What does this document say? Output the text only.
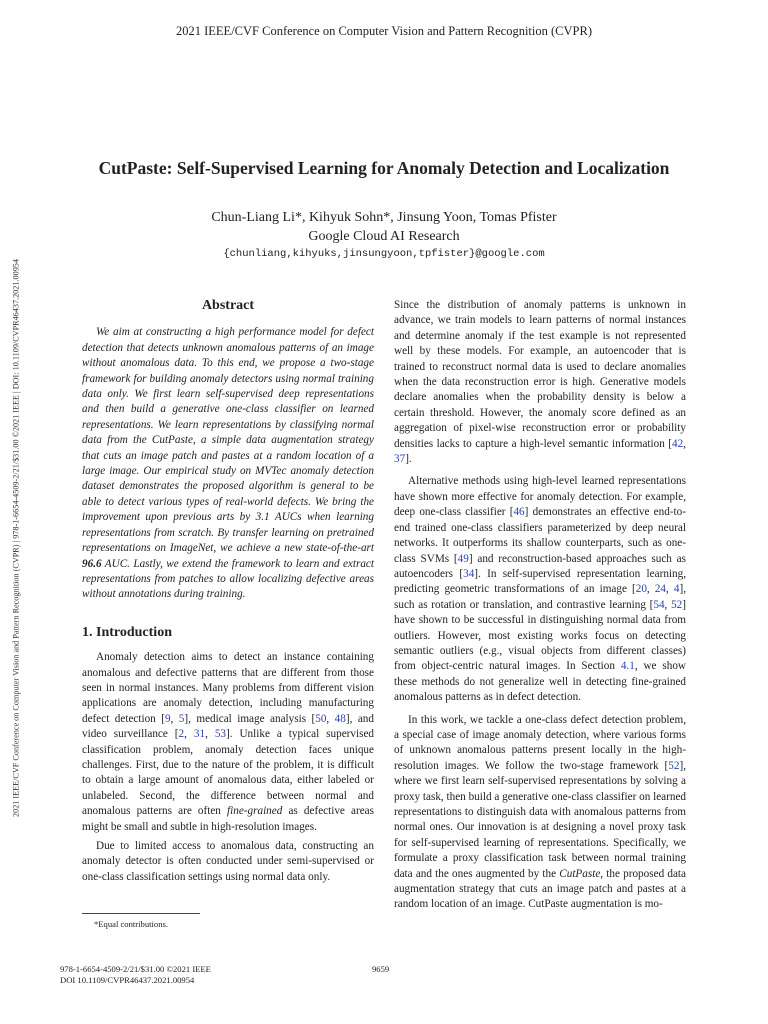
2021 IEEE/CVF Conference on Computer Vision and Pattern Recognition (CVPR)
2021 IEEE/CVF Conference on Computer Vision and Pattern Recognition (CVPR) | 978-1-6654-4509-2/21/$31.00 ©2021 IEEE | DOI: 10.1109/CVPR46437.2021.00954
CutPaste: Self-Supervised Learning for Anomaly Detection and Localization
Chun-Liang Li*, Kihyuk Sohn*, Jinsung Yoon, Tomas Pfister
Google Cloud AI Research
{chunliang,kihyuks,jinsungyoon,tpfister}@google.com
Abstract

We aim at constructing a high performance model for defect detection that detects unknown anomalous patterns of an image without anomalous data. To this end, we propose a two-stage framework for building anomaly detectors using normal training data only. We first learn self-supervised deep representations and then build a generative one-class classifier on learned representations. We learn representations by classifying normal data from the CutPaste, a simple data augmentation strategy that cuts an image patch and pastes at a random location of a large image. Our empirical study on MVTec anomaly detection dataset demonstrates the proposed algorithm is general to be able to detect various types of real-world defects. We bring the improvement upon previous arts by 3.1 AUCs when learning representations from scratch. By transfer learning on pretrained representations on ImageNet, we achieve a new state-of-the-art 96.6 AUC. Lastly, we extend the framework to learn and extract representations from patches to allow localizing defective areas without annotations during training.

1. Introduction

Anomaly detection aims to detect an instance containing anomalous and defective patterns that are different from those seen in normal instances. Many problems from different vision applications are anomaly detection, including manufacturing defect detection [9, 5], medical image analysis [50, 48], and video surveillance [2, 31, 53]. Unlike a typical supervised classification problem, anomaly detection faces unique challenges. First, due to the nature of the problem, it is difficult to obtain a large amount of anomalous data, either labeled or unlabeled. Second, the difference between normal and anomalous patterns are often fine-grained as defective areas might be small and subtle in high-resolution images.

Due to limited access to anomalous data, constructing an anomaly detector is often conducted under semi-supervised or one-class classification settings using normal data only.

Since the distribution of anomaly patterns is unknown in advance, we train models to learn patterns of normal instances and determine anomaly if the test example is not represented well by these models. For example, an autoencoder that is trained to reconstruct normal data is used to declare anomalies when the data reconstruction error is high. Generative models declare anomalies when the probability density is below a certain threshold. However, the anomaly score defined as an aggregation of pixel-wise reconstruction error or probability densities lacks to capture a high-level semantic information [42, 37].

Alternative methods using high-level learned representations have shown more effective for anomaly detection. For example, deep one-class classifier [46] demonstrates an effective end-to-end trained one-class classifiers parameterized by deep neural networks. It outperforms its shallow counterparts, such as one-class SVMs [49] and reconstruction-based approaches such as autoencoders [34]. In self-supervised representation learning, predicting geometric transformations of an image [20, 24, 4], such as rotation or translation, and contrastive learning [54, 52] have shown to be successful in distinguishing normal data from outliers. However, most existing works focus on detecting semantic outliers (e.g., visual objects from different classes) from object-centric natural images. In Section 4.1, we show these methods do not generalize well in detecting fine-grained anomalous patterns as in defect detection.

In this work, we tackle a one-class defect detection problem, a special case of image anomaly detection, where various forms of unknown anomalous patterns present locally in the high-resolution images. We follow the two-stage framework [52], where we first learn self-supervised representations by solving a proxy task, then build a generative one-class classifier on learned representations to distinguish data with anomalous patterns from normal ones. Our innovation is at designing a novel proxy task for self-supervised learning of representations. Specifically, we formulate a proxy classification task between normal training data and the ones augmented by the CutPaste, the proposed data augmentation strategy that cuts an image patch and pastes at a random location of an image. CutPaste augmentation is mo-

*Equal contributions.
978-1-6654-4509-2/21/$31.00 ©2021 IEEE
DOI 10.1109/CVPR46437.2021.00954
9659
